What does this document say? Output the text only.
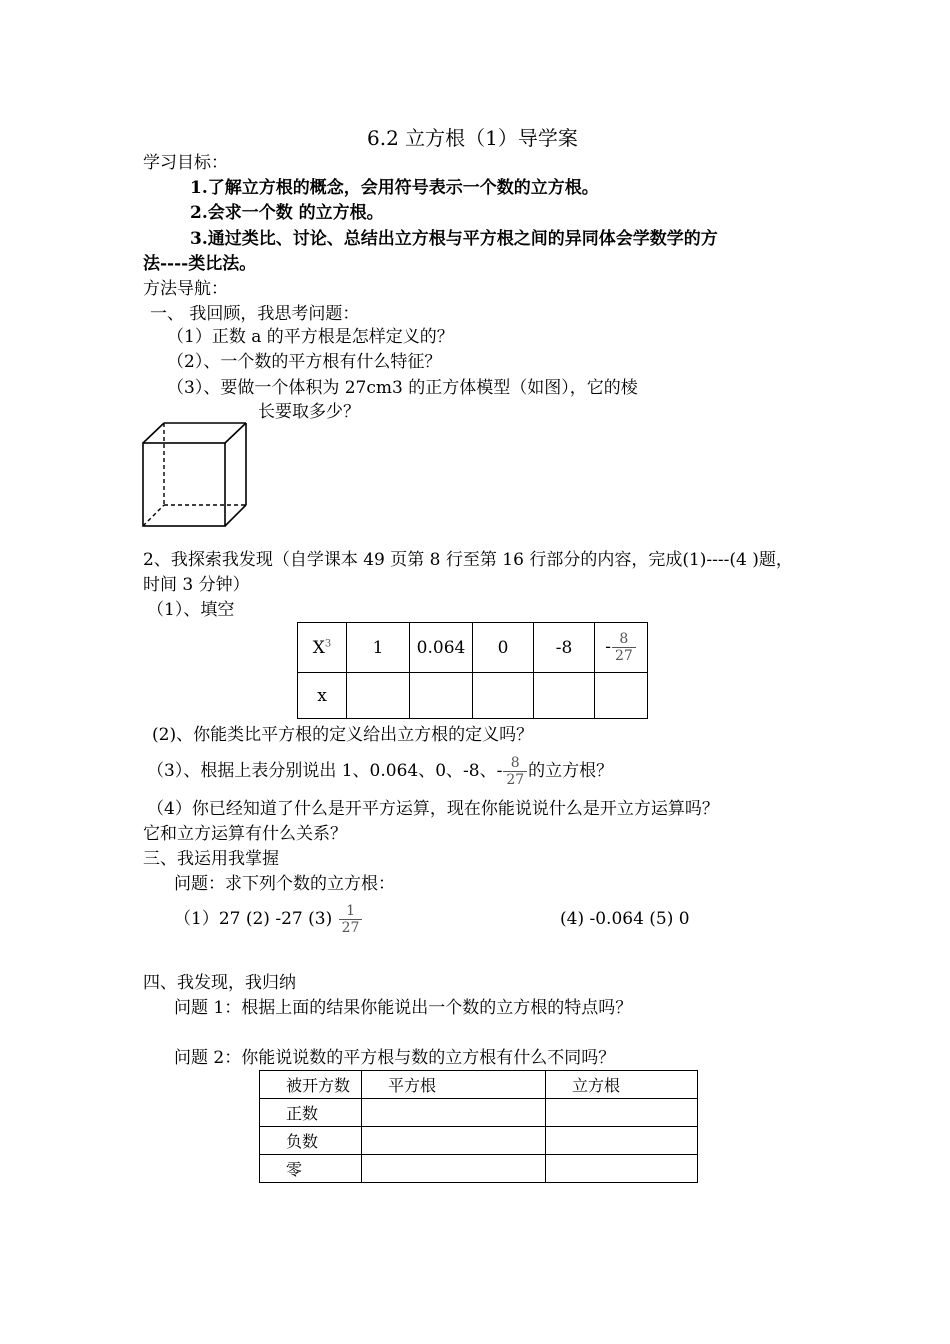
6.2 立方根（1）导学案
学习目标：
1.了解立方根的概念，会用符号表示一个数的立方根。
2.会求一个数 的立方根。
3.通过类比、讨论、总结出立方根与平方根之间的异同体会学数学的方
法----类比法。
方法导航：
一、 我回顾，我思考问题：
（1）正数 a 的平方根是怎样定义的？
（2）、一个数的平方根有什么特征？
（3）、要做一个体积为 27cm3 的正方体模型（如图），它的棱
长要取多少？
2、我探索我发现（自学课本 49 页第 8 行至第 16 行部分的内容，完成(1)----(4 )题，
时间 3 分钟）
（1）、填空
$X^3$	1	0.064	0	-8	- $\frac{8}{27}$

x					
(2)、你能类比平方根的定义给出立方根的定义吗？
（3）、根据上表分别说出 1、0.064、0、-8、- $\frac{8}{27}$ 的立方根？
（4）你已经知道了什么是开平方运算，现在你能说说什么是开立方运算吗？
它和立方运算有什么关系？
三、我运用我掌握
问题：求下列个数的立方根：
（1）27 (2) -27 $(3) \frac{1}{27}$	(4) -0.064 (5) 0
四、我发现，我归纳
问题 1：根据上面的结果你能说出一个数的立方根的特点吗？
问题 2：你能说说数的平方根与数的立方根有什么不同吗？
被开方数	平方根	立方根
正数		
负数		
零		
